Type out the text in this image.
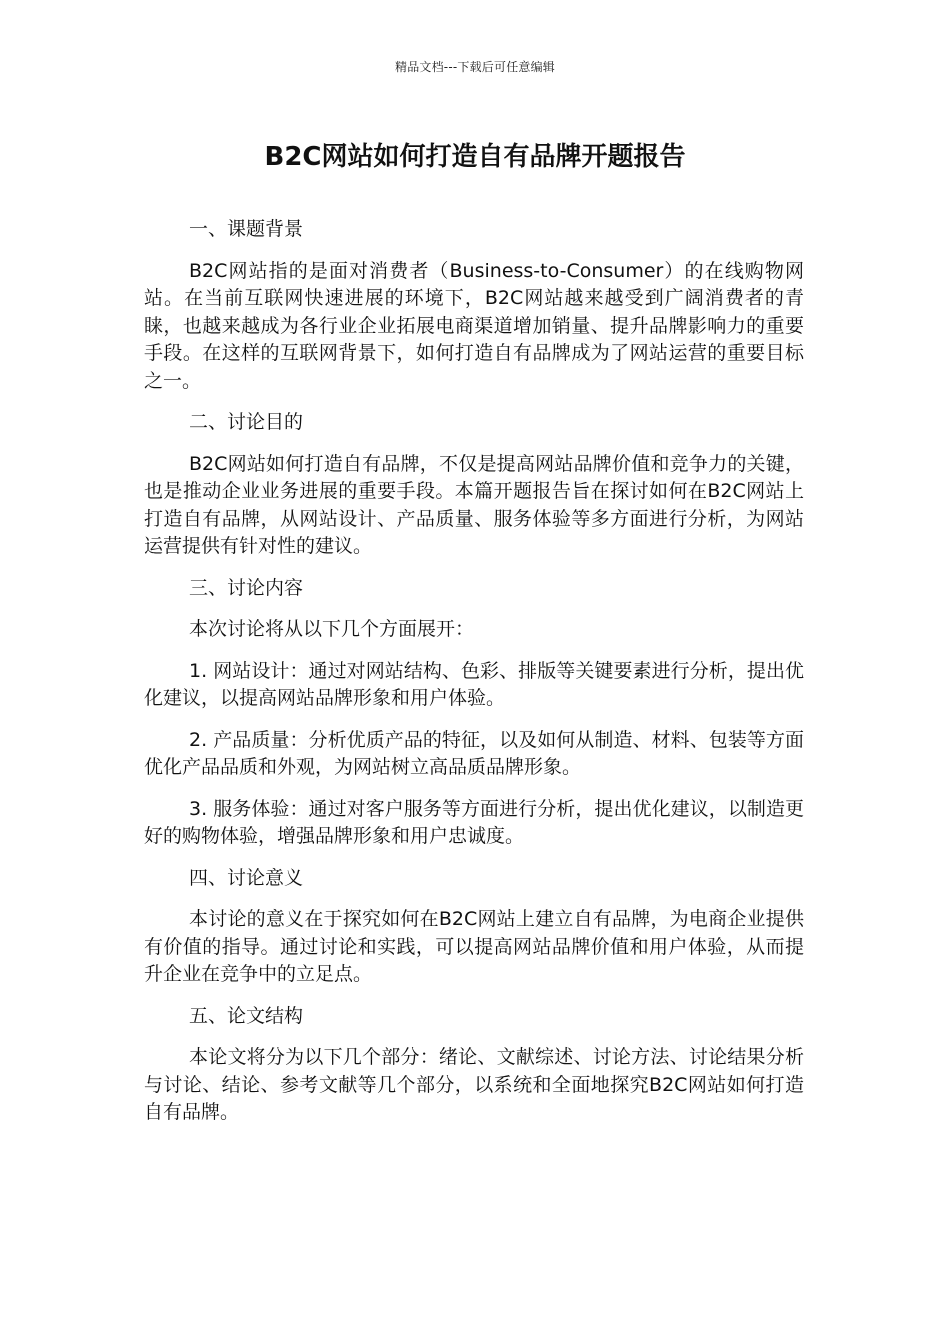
精品文档---下载后可任意编辑
B2C网站如何打造自有品牌开题报告

一、课题背景

B2C网站指的是面对消费者（Business-to-Consumer）的在线购物网站。在当前互联网快速进展的环境下，B2C网站越来越受到广阔消费者的青睐，也越来越成为各行业企业拓展电商渠道增加销量、提升品牌影响力的重要手段。在这样的互联网背景下，如何打造自有品牌成为了网站运营的重要目标之一。

二、讨论目的

B2C网站如何打造自有品牌，不仅是提高网站品牌价值和竞争力的关键，也是推动企业业务进展的重要手段。本篇开题报告旨在探讨如何在B2C网站上打造自有品牌，从网站设计、产品质量、服务体验等多方面进行分析，为网站运营提供有针对性的建议。

三、讨论内容

本次讨论将从以下几个方面展开：

1. 网站设计：通过对网站结构、色彩、排版等关键要素进行分析，提出优化建议，以提高网站品牌形象和用户体验。

2. 产品质量：分析优质产品的特征，以及如何从制造、材料、包装等方面优化产品品质和外观，为网站树立高品质品牌形象。

3. 服务体验：通过对客户服务等方面进行分析，提出优化建议，以制造更好的购物体验，增强品牌形象和用户忠诚度。

四、讨论意义

本讨论的意义在于探究如何在B2C网站上建立自有品牌，为电商企业提供有价值的指导。通过讨论和实践，可以提高网站品牌价值和用户体验，从而提升企业在竞争中的立足点。

五、论文结构

本论文将分为以下几个部分：绪论、文献综述、讨论方法、讨论结果分析与讨论、结论、参考文献等几个部分，以系统和全面地探究B2C网站如何打造自有品牌。
